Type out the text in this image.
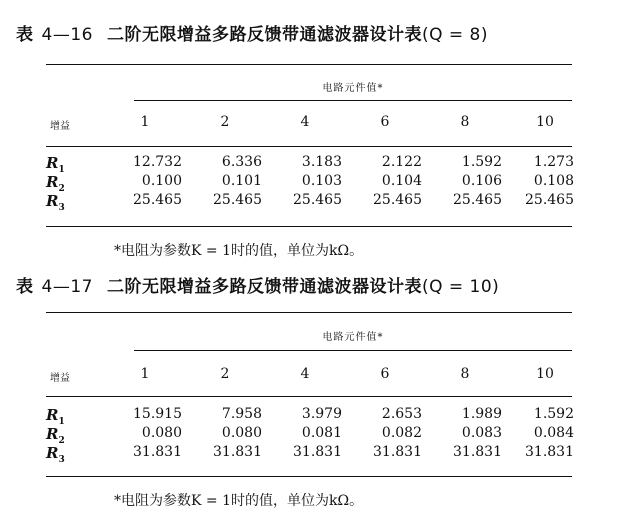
表 4—16 二阶无限增益多路反馈带通滤波器设计表(Q = 8)
电路元件值*
增益	1	2	4	6	8	10
$R_1$	12.732	6.336	3.183	2.122	1.592	1.273
$R_2$	0.100	0.101	0.103	0.104	0.106	0.108
$R_3$	25.465	25.465	25.465	25.465	25.465	25.465
*电阻为参数K = 1时的值，单位为kΩ。
表 4—17 二阶无限增益多路反馈带通滤波器设计表(Q = 10)
电路元件值*
增益	1	2	4	6	8	10
$R_1$	15.915	7.958	3.979	2.653	1.989	1.592
$R_2$	0.080	0.080	0.081	0.082	0.083	0.084
$R_3$	31.831	31.831	31.831	31.831	31.831	31.831
*电阻为参数K = 1时的值，单位为kΩ。
